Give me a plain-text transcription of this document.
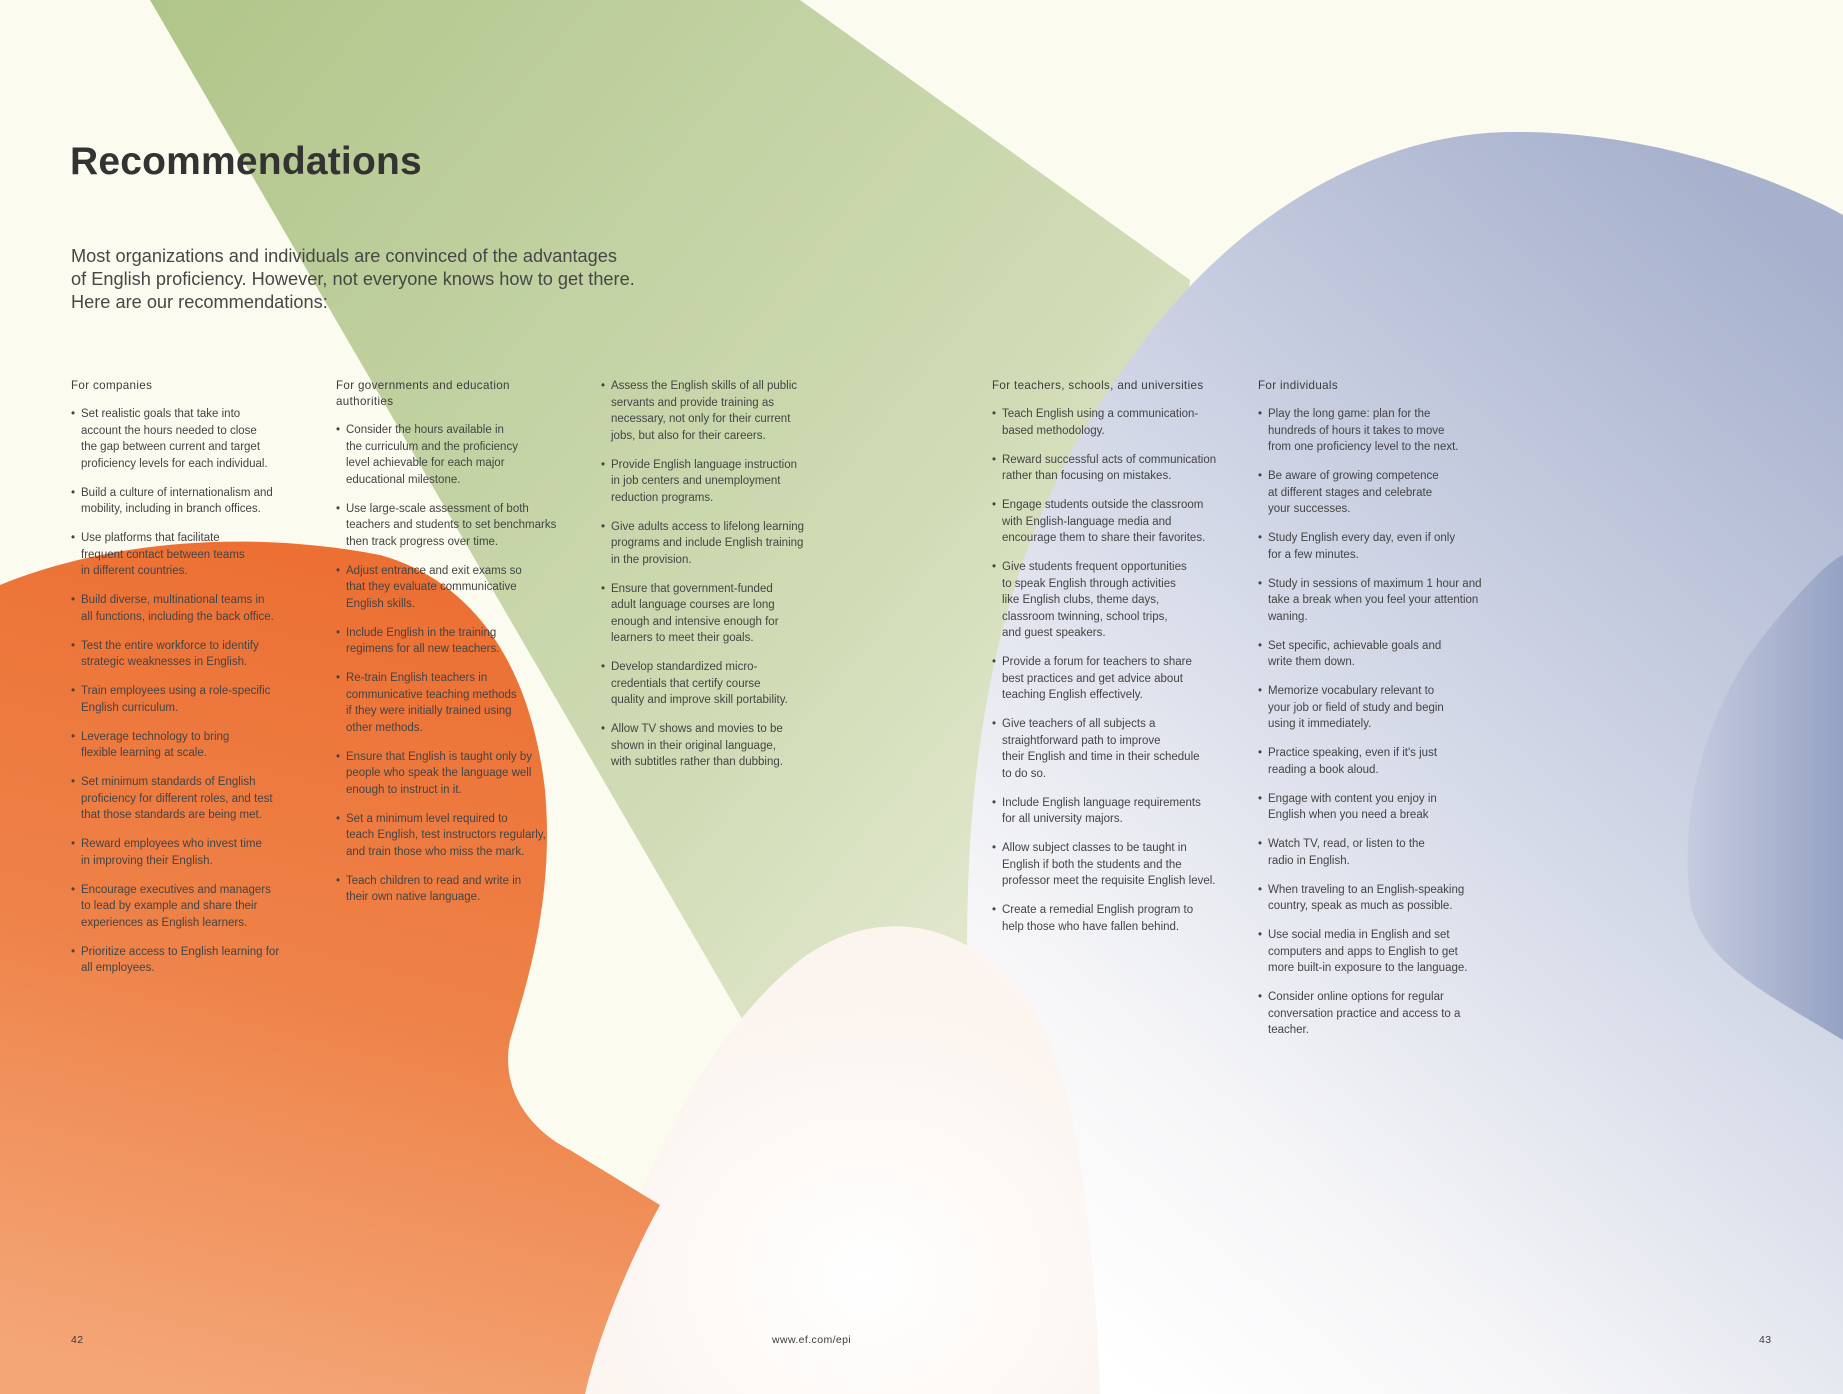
Recommendations

Most organizations and individuals are convinced of the advantages
of English proficiency. However, not everyone knows how to get there.
Here are our recommendations:

For companies
• Set realistic goals that take into
account the hours needed to close
the gap between current and target
proficiency levels for each individual.
• Build a culture of internationalism and
mobility, including in branch offices.
• Use platforms that facilitate
frequent contact between teams
in different countries.
• Build diverse, multinational teams in
all functions, including the back office.
• Test the entire workforce to identify
strategic weaknesses in English.
• Train employees using a role-specific
English curriculum.
• Leverage technology to bring
flexible learning at scale.
• Set minimum standards of English
proficiency for different roles, and test
that those standards are being met.
• Reward employees who invest time
in improving their English.
• Encourage executives and managers
to lead by example and share their
experiences as English learners.
• Prioritize access to English learning for
all employees.
For governments and education
authorities
• Consider the hours available in
the curriculum and the proficiency
level achievable for each major
educational milestone.
• Use large-scale assessment of both
teachers and students to set benchmarks
then track progress over time.
• Adjust entrance and exit exams so
that they evaluate communicative
English skills.
• Include English in the training
regimens for all new teachers.
• Re-train English teachers in
communicative teaching methods
if they were initially trained using
other methods.
• Ensure that English is taught only by
people who speak the language well
enough to instruct in it.
• Set a minimum level required to
teach English, test instructors regularly,
and train those who miss the mark.
• Teach children to read and write in
their own native language.
• Assess the English skills of all public
servants and provide training as
necessary, not only for their current
jobs, but also for their careers.
• Provide English language instruction
in job centers and unemployment
reduction programs.
• Give adults access to lifelong learning
programs and include English training
in the provision.
• Ensure that government-funded
adult language courses are long
enough and intensive enough for
learners to meet their goals.
• Develop standardized micro-
credentials that certify course
quality and improve skill portability.
• Allow TV shows and movies to be
shown in their original language,
with subtitles rather than dubbing.
For teachers, schools, and universities
• Teach English using a communication-
based methodology.
• Reward successful acts of communication
rather than focusing on mistakes.
• Engage students outside the classroom
with English-language media and
encourage them to share their favorites.
• Give students frequent opportunities
to speak English through activities
like English clubs, theme days,
classroom twinning, school trips,
and guest speakers.
• Provide a forum for teachers to share
best practices and get advice about
teaching English effectively.
• Give teachers of all subjects a
straightforward path to improve
their English and time in their schedule
to do so.
• Include English language requirements
for all university majors.
• Allow subject classes to be taught in
English if both the students and the
professor meet the requisite English level.
• Create a remedial English program to
help those who have fallen behind.
For individuals
• Play the long game: plan for the
hundreds of hours it takes to move
from one proficiency level to the next.
• Be aware of growing competence
at different stages and celebrate
your successes.
• Study English every day, even if only
for a few minutes.
• Study in sessions of maximum 1 hour and
take a break when you feel your attention
waning.
• Set specific, achievable goals and
write them down.
• Memorize vocabulary relevant to
your job or field of study and begin
using it immediately.
• Practice speaking, even if it's just
reading a book aloud.
• Engage with content you enjoy in
English when you need a break
• Watch TV, read, or listen to the
radio in English.
• When traveling to an English-speaking
country, speak as much as possible.
• Use social media in English and set
computers and apps to English to get
more built-in exposure to the language.
• Consider online options for regular
conversation practice and access to a
teacher.
42	www.ef.com/epi	43
